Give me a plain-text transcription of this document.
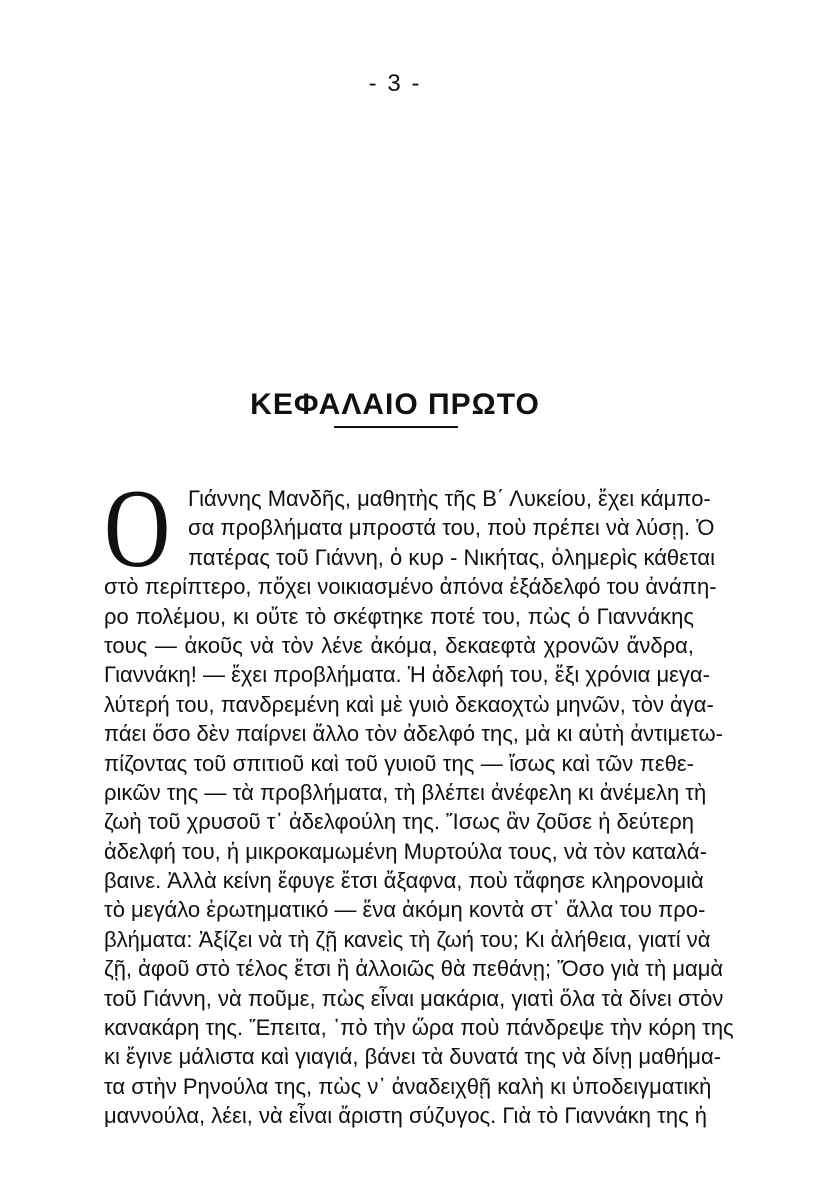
- 3 -
ΚΕΦΑΛΑΙΟ ΠΡΩΤΟ
Ο Γιάννης Μανδῆς, μαθητὴς τῆς Β΄ Λυκείου, ἔχει κάμπο-
σα προβλήματα μπροστά του, ποὺ πρέπει νὰ λύσῃ. Ὁ
πατέρας τοῦ Γιάννη, ὁ κυρ - Νικήτας, ὁλημερὶς κάθεται
στὸ περίπτερο, πὄχει νοικιασμένο ἀπόνα ἐξάδελφό του ἀνάπη-
ρο πολέμου, κι οὔτε τὸ σκέφτηκε ποτέ του, πὼς ὁ Γιαννάκης
τους — ἀκοῦς νὰ τὸν λένε ἀκόμα, δεκαεφτὰ χρονῶν ἄνδρα,
Γιαννάκη! — ἔχει προβλήματα. Ἡ ἀδελφή του, ἔξι χρόνια μεγα-
λύτερή του, πανδρεμένη καὶ μὲ γυιὸ δεκαοχτὼ μηνῶν, τὸν ἀγα-
πάει ὅσο δὲν παίρνει ἄλλο τὸν ἀδελφό της, μὰ κι αὐτὴ ἀντιμετω-
πίζοντας τοῦ σπιτιοῦ καὶ τοῦ γυιοῦ της — ἴσως καὶ τῶν πεθε-
ρικῶν της — τὰ προβλήματα, τὴ βλέπει ἀνέφελη κι ἀνέμελη τὴ
ζωὴ τοῦ χρυσοῦ τ᾽ ἀδελφούλη της. Ἴσως ἂν ζοῦσε ἡ δεύτερη
ἀδελφή του, ἡ μικροκαμωμένη Μυρτούλα τους, νὰ τὸν καταλά-
βαινε. Ἀλλὰ κείνη ἔφυγε ἔτσι ἄξαφνα, ποὺ τἄφησε κληρονομιὰ
τὸ μεγάλο ἐρωτηματικό — ἕνα ἀκόμη κοντὰ στ᾽ ἄλλα του προ-
βλήματα: Ἀξίζει νὰ τὴ ζῇ κανεὶς τὴ ζωή του; Κι ἀλήθεια, γιατί νὰ
ζῇ, ἀφοῦ στὸ τέλος ἔτσι ἢ ἀλλοιῶς θὰ πεθάνῃ; Ὅσο γιὰ τὴ μαμὰ
τοῦ Γιάννη, νὰ ποῦμε, πὼς εἶναι μακάρια, γιατὶ ὅλα τὰ δίνει στὸν
κανακάρη της. Ἔπειτα, ᾽πὸ τὴν ὥρα ποὺ πάνδρεψε τὴν κόρη της
κι ἔγινε μάλιστα καὶ γιαγιά, βάνει τὰ δυνατά της νὰ δίνῃ μαθήμα-
τα στὴν Ρηνούλα της, πὼς ν᾽ ἀναδειχθῇ καλὴ κι ὑποδειγματικὴ
μαννούλα, λέει, νὰ εἶναι ἄριστη σύζυγος. Γιὰ τὸ Γιαννάκη της ἡ
